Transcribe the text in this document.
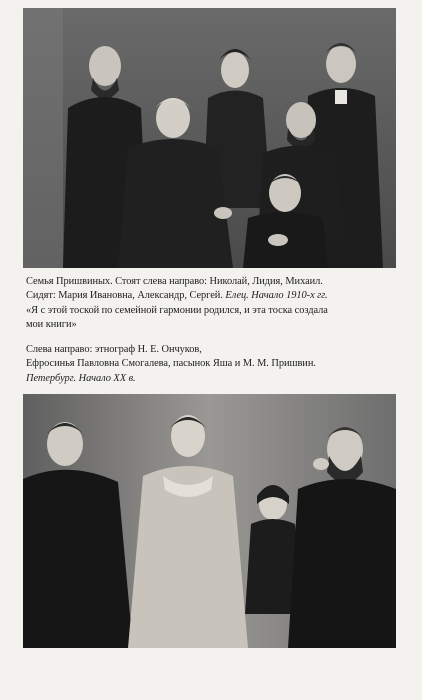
Семья Пришвиных. Стоят слева направо: Николай, Лидия, Михаил.
Сидят: Мария Ивановна, Александр, Сергей. Елец. Начало 1910-х гг.
«Я с этой тоской по семейной гармонии родился, и эта тоска создала
мои книги»
Слева направо: этнограф Н. Е. Ончуков,
Ефросинья Павловна Смогалева, пасынок Яша и М. М. Пришвин.
Петербург. Начало XX в.
